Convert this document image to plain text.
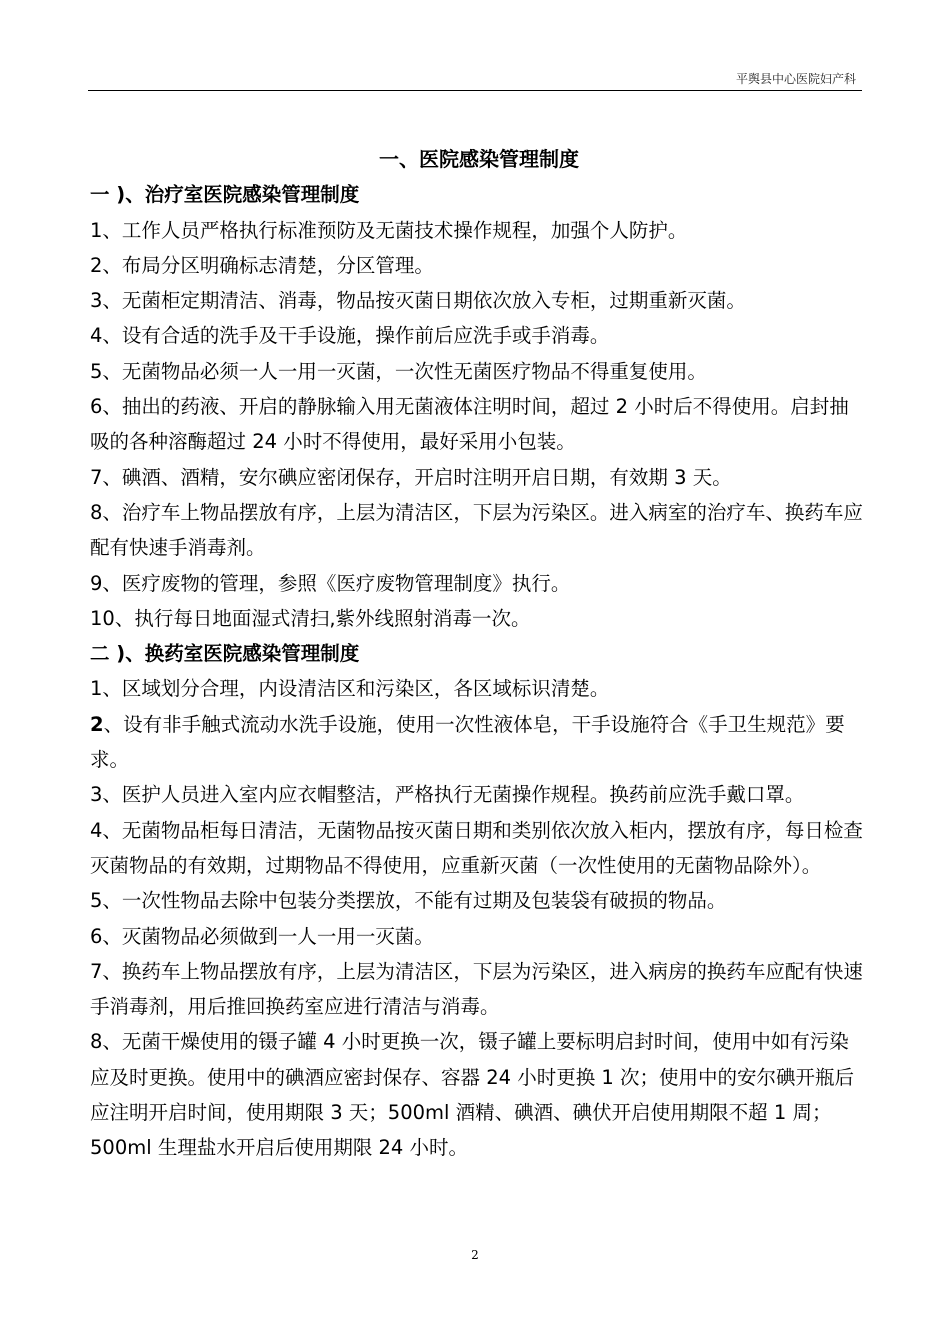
平舆县中心医院妇产科

一、医院感染管理制度

一 )、治疗室医院感染管理制度

1、工作人员严格执行标准预防及无菌技术操作规程，加强个人防护。

2、布局分区明确标志清楚，分区管理。

3、无菌柜定期清洁、消毒，物品按灭菌日期依次放入专柜，过期重新灭菌。

4、设有合适的洗手及干手设施，操作前后应洗手或手消毒。

5、无菌物品必须一人一用一灭菌，一次性无菌医疗物品不得重复使用。

6、抽出的药液、开启的静脉输入用无菌液体注明时间，超过 2 小时后不得使用。启封抽吸的各种溶酶超过 24 小时不得使用，最好采用小包装。

7、碘酒、酒精，安尔碘应密闭保存，开启时注明开启日期，有效期 3 天。

8、治疗车上物品摆放有序，上层为清洁区，下层为污染区。进入病室的治疗车、换药车应配有快速手消毒剂。

9、医疗废物的管理，参照《医疗废物管理制度》执行。

10、执行每日地面湿式清扫,紫外线照射消毒一次。

二 )、换药室医院感染管理制度

1、区域划分合理，内设清洁区和污染区，各区域标识清楚。

2、设有非手触式流动水洗手设施，使用一次性液体皂，干手设施符合《手卫生规范》要求。

3、医护人员进入室内应衣帽整洁，严格执行无菌操作规程。换药前应洗手戴口罩。

4、无菌物品柜每日清洁，无菌物品按灭菌日期和类别依次放入柜内，摆放有序，每日检查灭菌物品的有效期，过期物品不得使用，应重新灭菌（一次性使用的无菌物品除外）。

5、一次性物品去除中包装分类摆放，不能有过期及包装袋有破损的物品。

6、灭菌物品必须做到一人一用一灭菌。

7、换药车上物品摆放有序，上层为清洁区，下层为污染区，进入病房的换药车应配有快速手消毒剂，用后推回换药室应进行清洁与消毒。

8、无菌干燥使用的镊子罐 4 小时更换一次，镊子罐上要标明启封时间，使用中如有污染应及时更换。使用中的碘酒应密封保存、容器 24 小时更换 1 次；使用中的安尔碘开瓶后应注明开启时间，使用期限 3 天；500ml 酒精、碘酒、碘伏开启使用期限不超 1 周；500ml 生理盐水开启后使用期限 24 小时。

2
